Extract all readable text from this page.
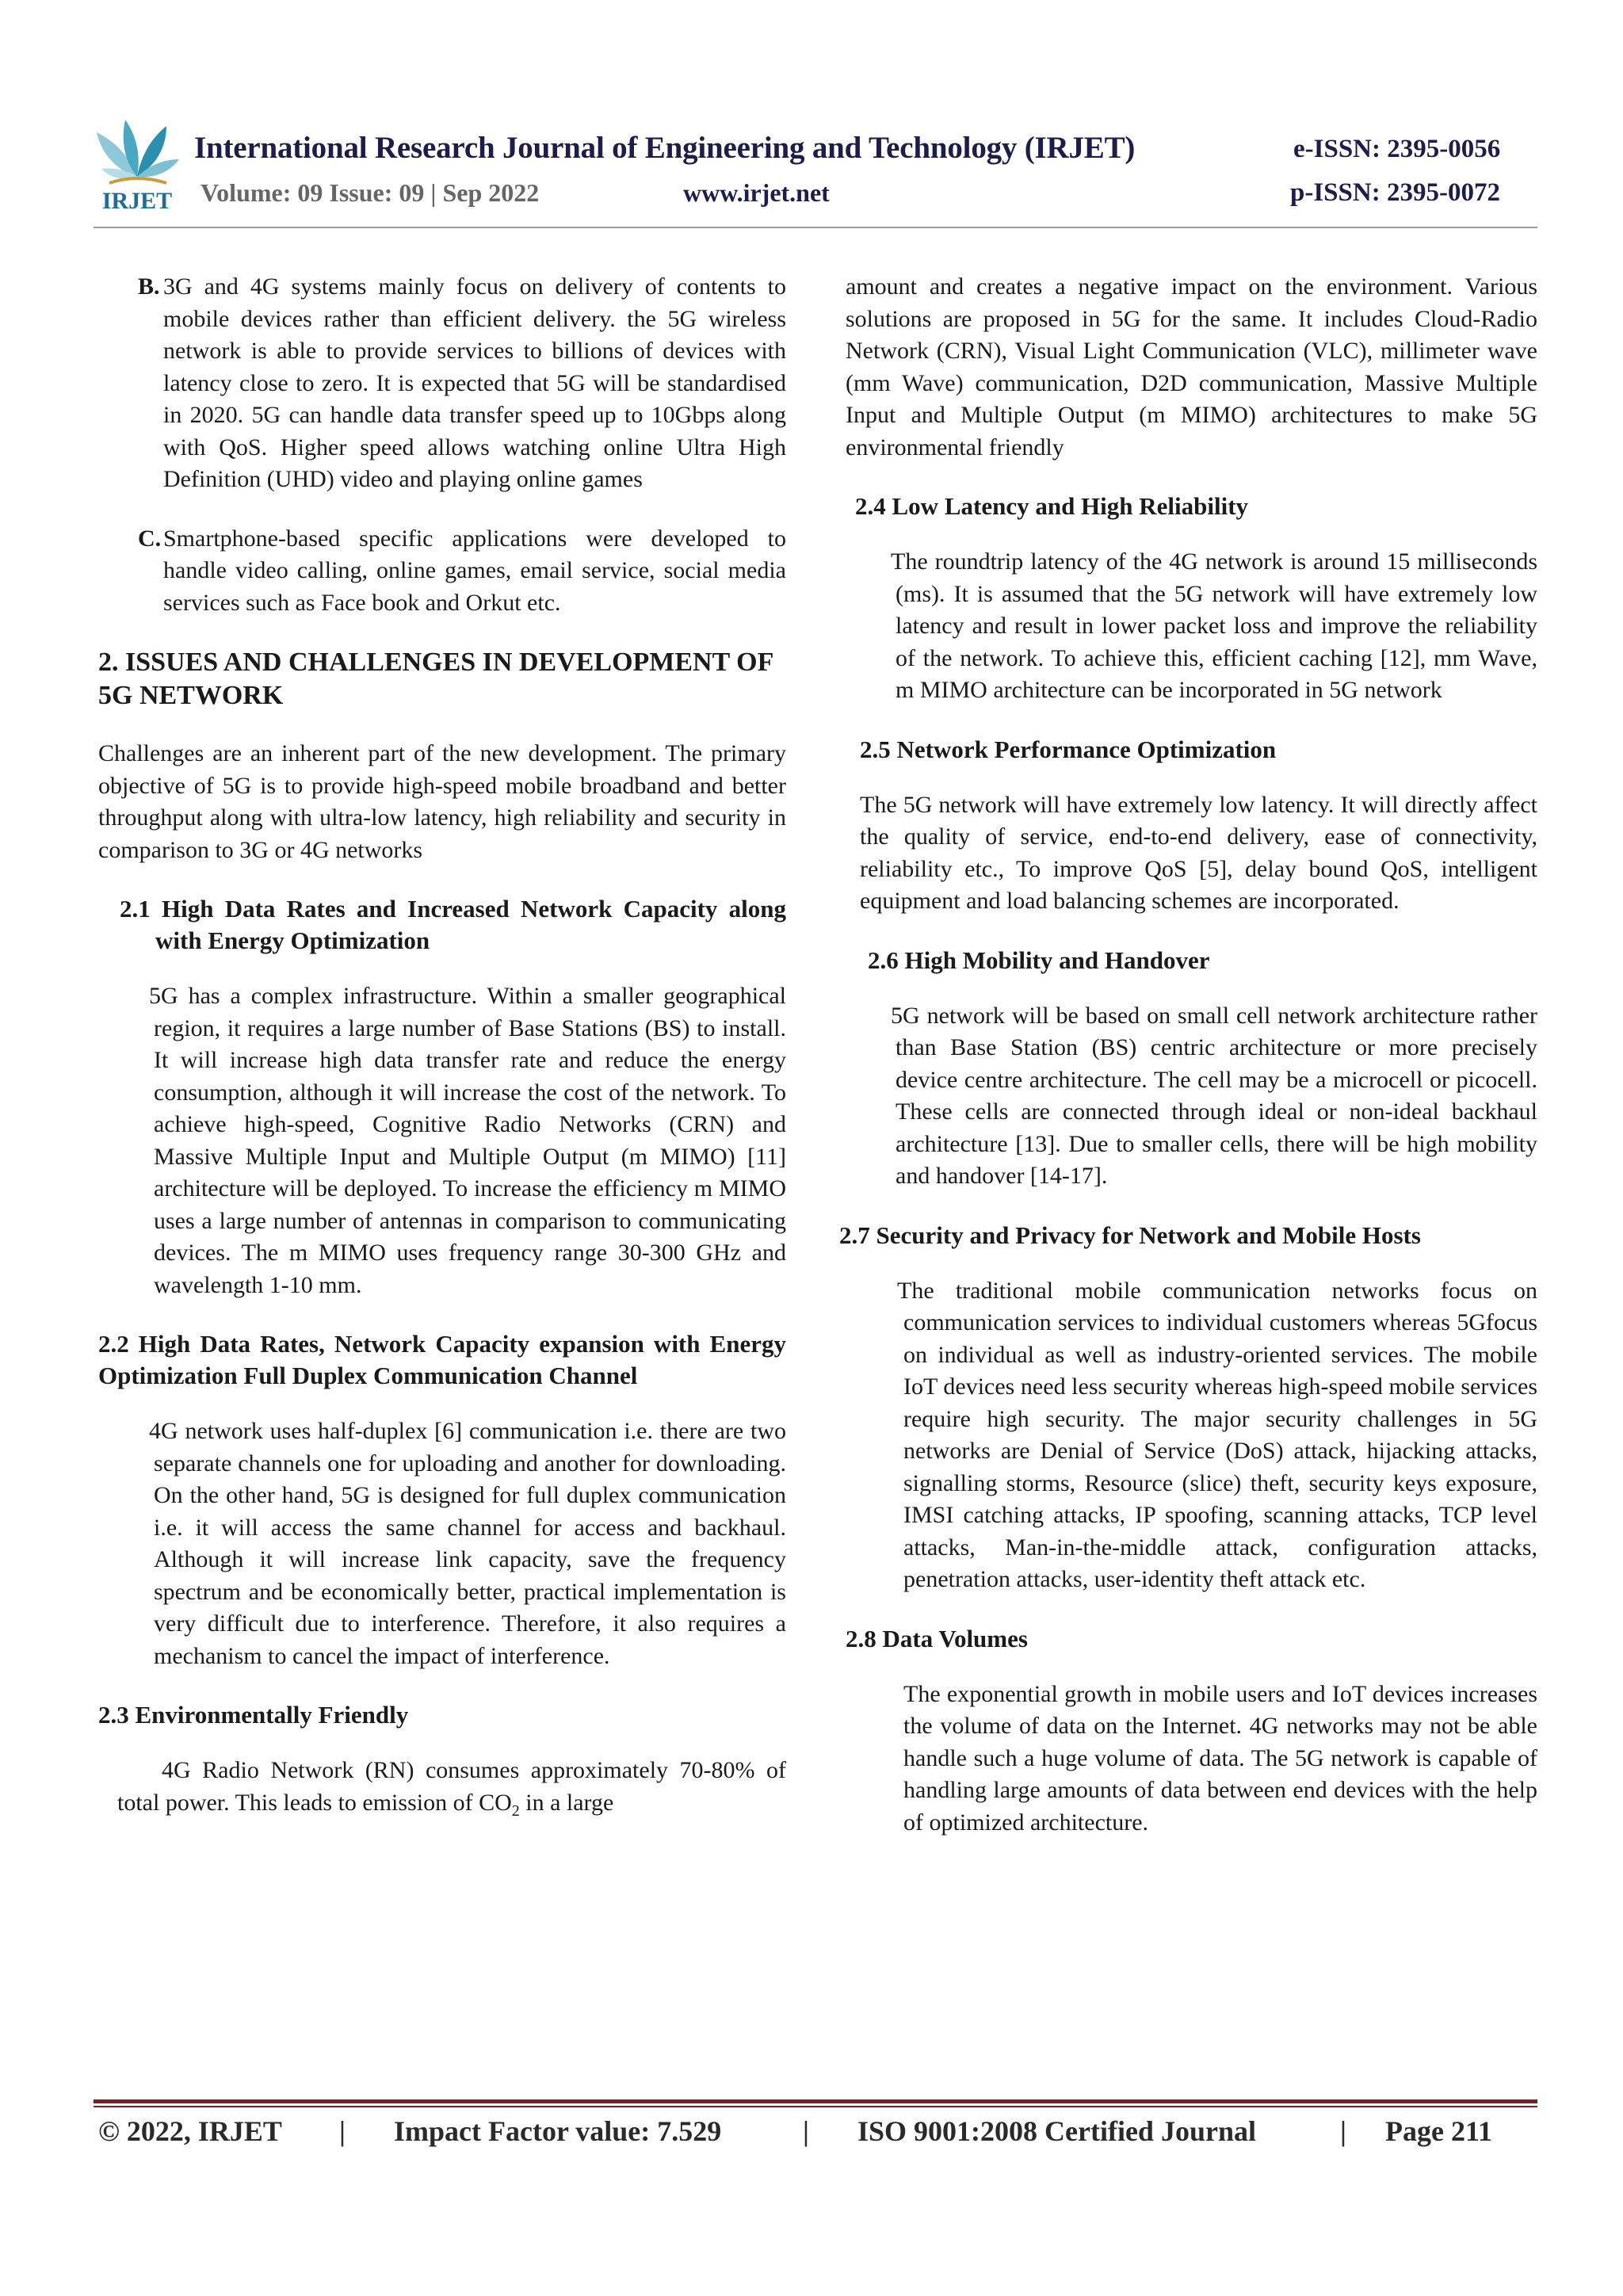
IRJET
International Research Journal of Engineering and Technology (IRJET)	e-ISSN: 2395-0056
Volume: 09 Issue: 09 | Sep 2022	www.irjet.net	p-ISSN: 2395-0072

B. 3G and 4G systems mainly focus on delivery of contents to mobile devices rather than efficient delivery. the 5G wireless network is able to provide services to billions of devices with latency close to zero. It is expected that 5G will be standardised in 2020. 5G can handle data transfer speed up to 10Gbps along with QoS. Higher speed allows watching online Ultra High Definition (UHD) video and playing online games

C.Smartphone-based specific applications were developed to handle video calling, online games, email service, social media services such as Face book and Orkut etc.

2. ISSUES AND CHALLENGES IN DEVELOPMENT OF 5G NETWORK

Challenges are an inherent part of the new development. The primary objective of 5G is to provide high-speed mobile broadband and better throughput along with ultra-low latency, high reliability and security in comparison to 3G or 4G networks

2.1 High Data Rates and Increased Network Capacity along with Energy Optimization

5G has a complex infrastructure. Within a smaller geographical region, it requires a large number of Base Stations (BS) to install. It will increase high data transfer rate and reduce the energy consumption, although it will increase the cost of the network. To achieve high-speed, Cognitive Radio Networks (CRN) and Massive Multiple Input and Multiple Output (m MIMO) [11] architecture will be deployed. To increase the efficiency m MIMO uses a large number of antennas in comparison to communicating devices. The m MIMO uses frequency range 30-300 GHz and wavelength 1-10 mm.

2.2 High Data Rates, Network Capacity expansion with Energy Optimization Full Duplex Communication Channel

4G network uses half-duplex [6] communication i.e. there are two separate channels one for uploading and another for downloading. On the other hand, 5G is designed for full duplex communication i.e. it will access the same channel for access and backhaul. Although it will increase link capacity, save the frequency spectrum and be economically better, practical implementation is very difficult due to interference. Therefore, it also requires a mechanism to cancel the impact of interference.

2.3 Environmentally Friendly

4G Radio Network (RN) consumes approximately 70-80% of total power. This leads to emission of $CO_2$ in a large

amount and creates a negative impact on the environment. Various solutions are proposed in 5G for the same. It includes Cloud-Radio Network (CRN), Visual Light Communication (VLC), millimeter wave (mm Wave) communication, D2D communication, Massive Multiple Input and Multiple Output (m MIMO) architectures to make 5G environmental friendly

2.4 Low Latency and High Reliability

The roundtrip latency of the 4G network is around 15 milliseconds (ms). It is assumed that the 5G network will have extremely low latency and result in lower packet loss and improve the reliability of the network. To achieve this, efficient caching [12], mm Wave, m MIMO architecture can be incorporated in 5G network

2.5 Network Performance Optimization

The 5G network will have extremely low latency. It will directly affect the quality of service, end-to-end delivery, ease of connectivity, reliability etc., To improve QoS [5], delay bound QoS, intelligent equipment and load balancing schemes are incorporated.

2.6 High Mobility and Handover

5G network will be based on small cell network architecture rather than Base Station (BS) centric architecture or more precisely device centre architecture. The cell may be a microcell or picocell. These cells are connected through ideal or non-ideal backhaul architecture [13]. Due to smaller cells, there will be high mobility and handover [14-17].

2.7 Security and Privacy for Network and Mobile Hosts

The traditional mobile communication networks focus on communication services to individual customers whereas 5Gfocus on individual as well as industry-oriented services. The mobile IoT devices need less security whereas high-speed mobile services require high security. The major security challenges in 5G networks are Denial of Service (DoS) attack, hijacking attacks, signalling storms, Resource (slice) theft, security keys exposure, IMSI catching attacks, IP spoofing, scanning attacks, TCP level attacks, Man-in-the-middle attack, configuration attacks, penetration attacks, user-identity theft attack etc.

2.8 Data Volumes

The exponential growth in mobile users and IoT devices increases the volume of data on the Internet. 4G networks may not be able handle such a huge volume of data. The 5G network is capable of handling large amounts of data between end devices with the help of optimized architecture.

© 2022, IRJET | Impact Factor value: 7.529	| ISO 9001:2008 Certified Journal	| Page 211
